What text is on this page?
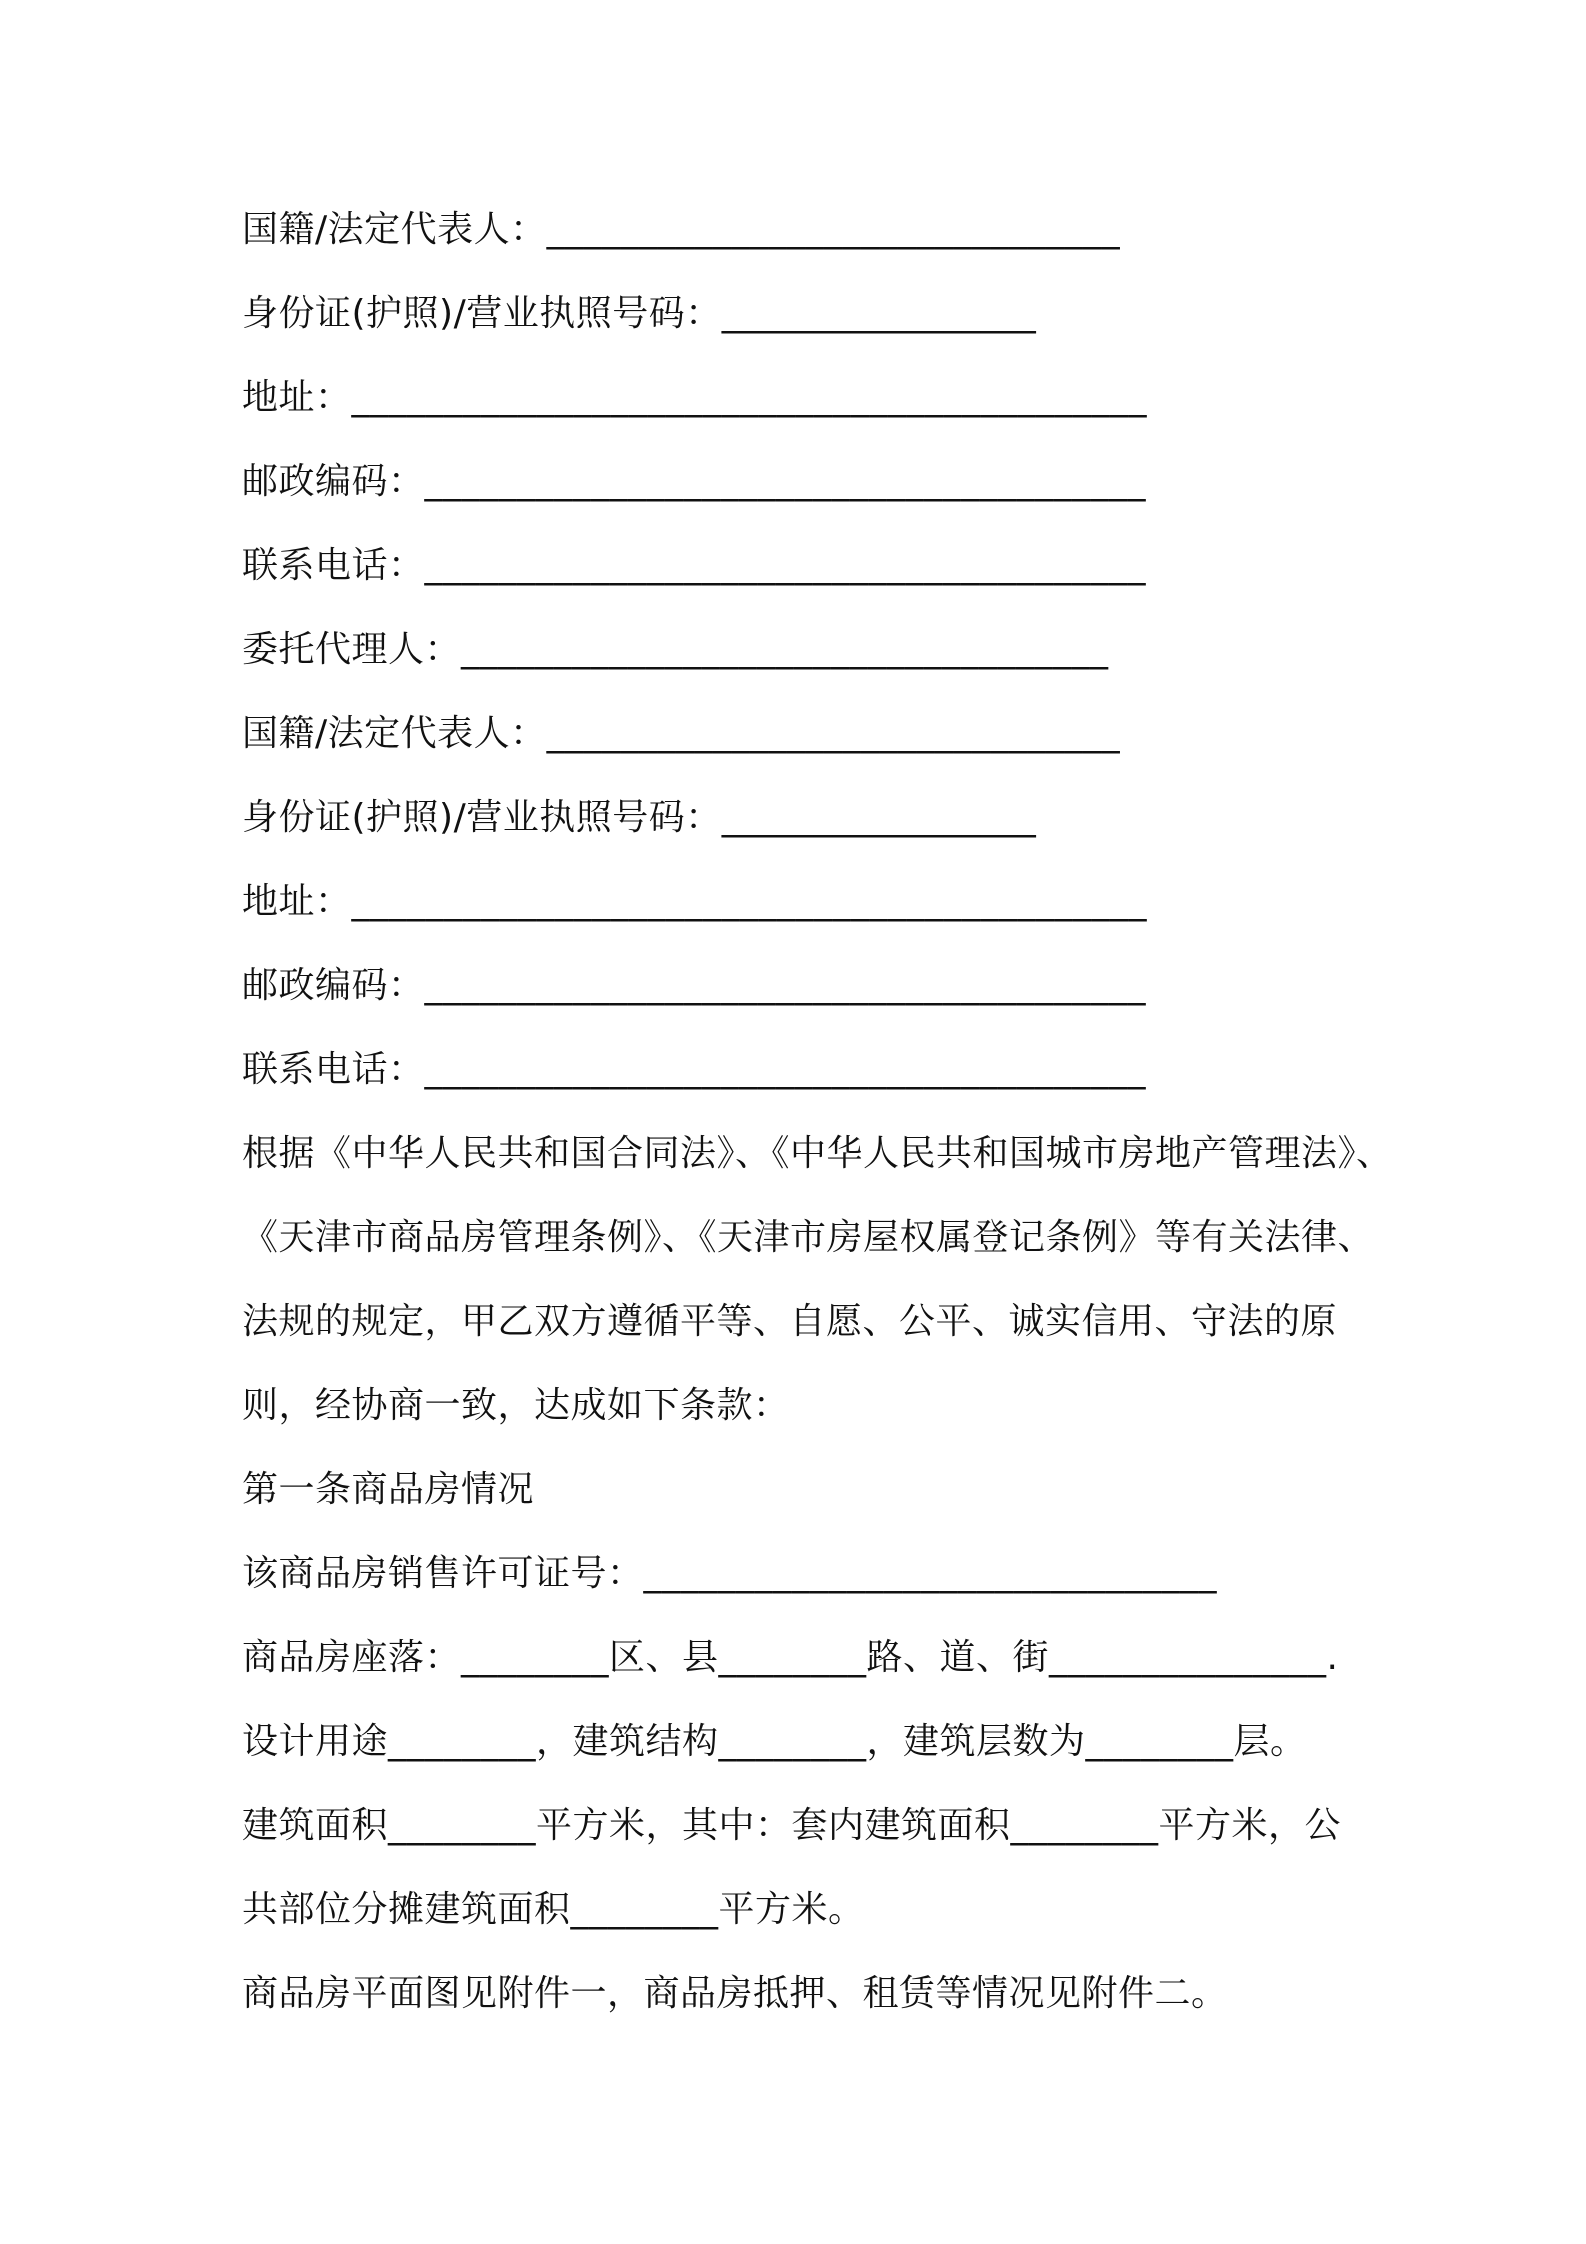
国籍/法定代表人：_______________________________
身份证(护照)/营业执照号码：_________________
地址：___________________________________________
邮政编码：_______________________________________
联系电话：_______________________________________
委托代理人：___________________________________
国籍/法定代表人：_______________________________
身份证(护照)/营业执照号码：_________________
地址：___________________________________________
邮政编码：_______________________________________
联系电话：_______________________________________
根据《中华人民共和国合同法》、《中华人民共和国城市房地产管理法》、
《天津市商品房管理条例》、《天津市房屋权属登记条例》等有关法律、
法规的规定，甲乙双方遵循平等、自愿、公平、诚实信用、守法的原
则，经协商一致，达成如下条款：
第一条商品房情况
该商品房销售许可证号：_______________________________
商品房座落：________区、县________路、道、街_______________.
设计用途________，建筑结构________，建筑层数为________层。
建筑面积________平方米，其中：套内建筑面积________平方米，公
共部位分摊建筑面积________平方米。
商品房平面图见附件一，商品房抵押、租赁等情况见附件二。
